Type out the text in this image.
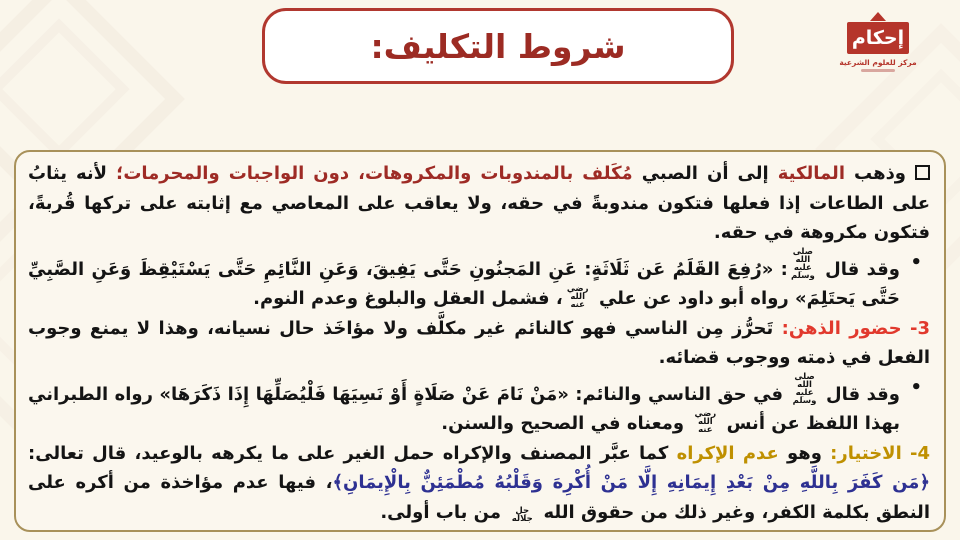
شروط التكليف:	إحكام
مركز للعلوم الشرعية

وذهب المالكية إلى أن الصبي مُكَلف بالمندوبات والمكروهات، دون الواجبات والمحرمات؛ لأنه يثابُ على الطاعات إذا فعلها فتكون مندوبةً في حقه، ولا يعاقب على المعاصي مع إثابته على تركها قُربةً، فتكون مكروهة في حقه.

•
وقد قال صلى الله عليه وسلم: «رُفِعَ القَلَمُ عَن ثَلَاثَةٍ: عَنِ المَجنُونِ حَتَّى يَفِيقَ، وَعَنِ النَّائِمِ حَتَّى يَسْتَيْقِظَ وَعَنِ الصَّبِيِّ حَتَّى يَحتَلِمَ» رواه أبو داود عن علي رضي الله عنه، فشمل العقل والبلوغ وعدم النوم.

3- حضور الذهن: تَحرُّز مِن الناسي فهو كالنائم غير مكلَّف ولا مؤاخَذ حال نسيانه، وهذا لا يمنع وجوب الفعل في ذمته ووجوب قضائه.

•
وقد قال صلى الله عليه وسلم في حق الناسي والنائم: «مَنْ نَامَ عَنْ صَلَاةٍ أَوْ نَسِيَهَا فَلْيُصَلِّهَا إِذَا ذَكَرَهَا» رواه الطبراني بهذا اللفظ عن أنس رضي الله عنه ومعناه في الصحيح والسنن.

4- الاختيار: وهو عدم الإكراه كما عبَّر المصنف والإكراه حمل الغير على ما يكرهه بالوعيد، قال تعالى: ﴿مَن كَفَرَ بِاللَّهِ مِنْ بَعْدِ إِيمَانِهِ إِلَّا مَنْ أُكْرِهَ وَقَلْبُهُ مُطْمَئِنٌّ بِالْإِيمَانِ﴾، فيها عدم مؤاخذة من أكره على النطق بكلمة الكفر، وغير ذلك من حقوق الله جل جلاله من باب أولى.
